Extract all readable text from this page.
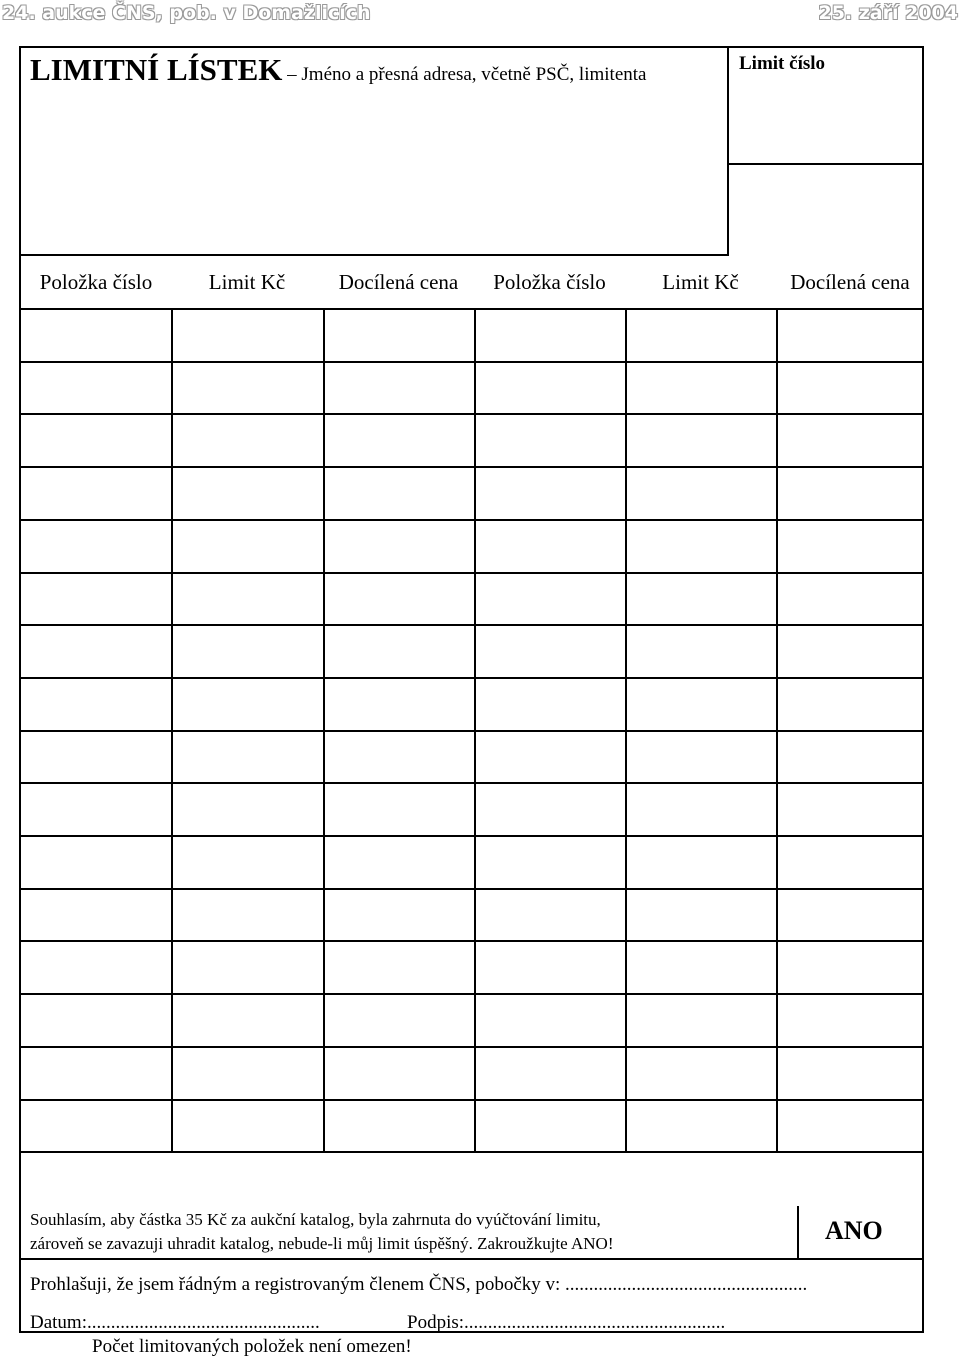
24. aukce ČNS, pob. v Domažlicích	25. září 2004
LIMITNÍ LÍSTEK – Jméno a přesná adresa, včetně PSČ, limitenta
Limit číslo
Položka číslo	Limit Kč	Docílená cena	Položka číslo	Limit Kč	Docílená cena
Souhlasím, aby částka 35 Kč za aukční katalog, byla zahrnuta do vyúčtování limitu,
zároveň se zavazuji uhradit katalog, nebude-li můj limit úspěšný. Zakroužkujte ANO!	ANO
Prohlašuji, že jsem řádným a registrovaným členem ČNS, pobočky v: ...................................................
Datum:.................................................	Podpis:.......................................................
Počet limitovaných položek není omezen!
